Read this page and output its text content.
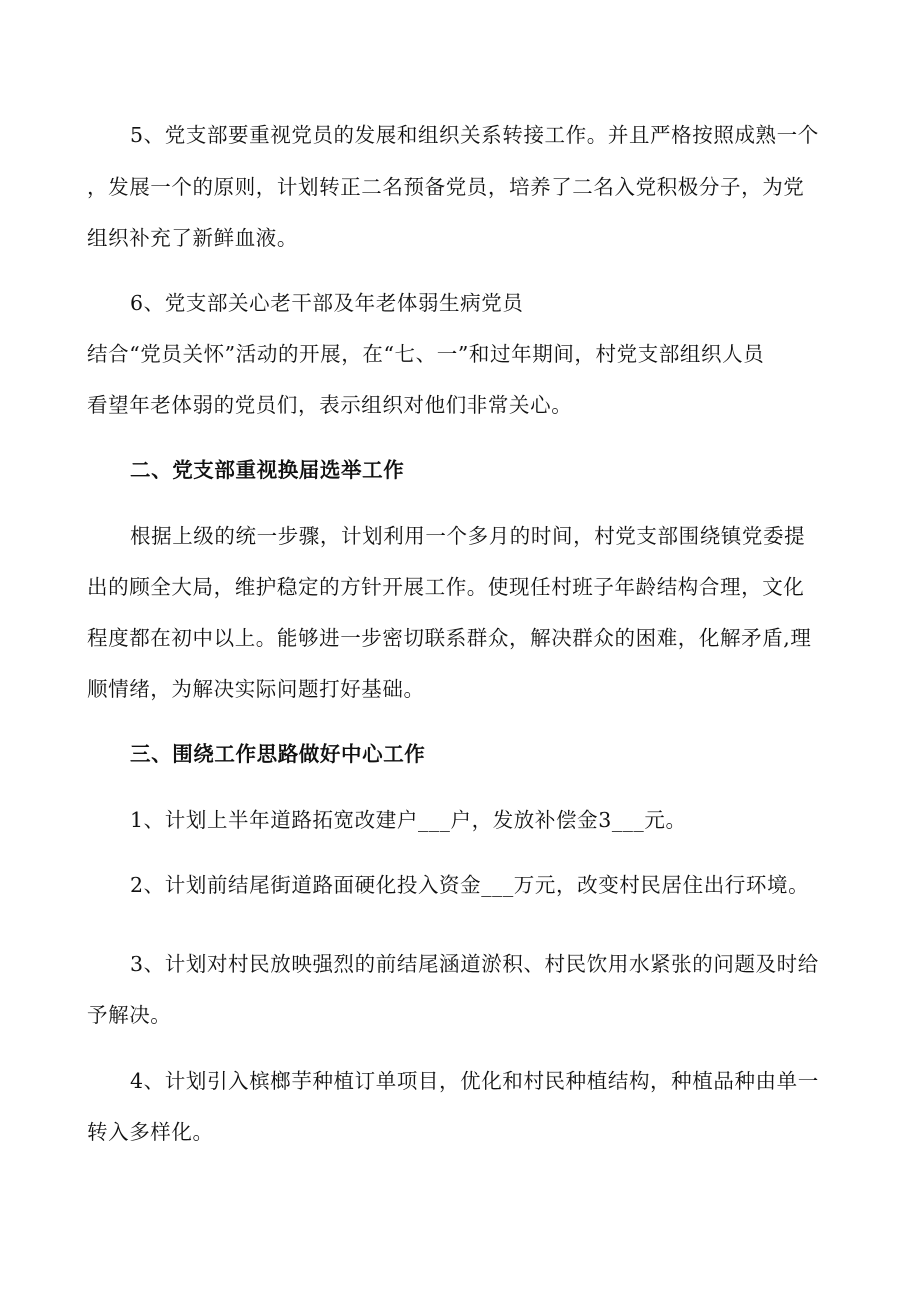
5、党支部要重视党员的发展和组织关系转接工作。并且严格按照成熟一个
，发展一个的原则，计划转正二名预备党员，培养了二名入党积极分子，为党
组织补充了新鲜血液。
6、党支部关心老干部及年老体弱生病党员
结合“党员关怀”活动的开展，在“七、一”和过年期间，村党支部组织人员
看望年老体弱的党员们，表示组织对他们非常关心。
二、党支部重视换届选举工作
根据上级的统一步骤，计划利用一个多月的时间，村党支部围绕镇党委提
出的顾全大局，维护稳定的方针开展工作。使现任村班子年龄结构合理，文化
程度都在初中以上。能够进一步密切联系群众，解决群众的困难，化解矛盾,理
顺情绪，为解决实际问题打好基础。
三、围绕工作思路做好中心工作
1、计划上半年道路拓宽改建户___户，发放补偿金3___元。
2、计划前结尾街道路面硬化投入资金___万元，改变村民居住出行环境。
3、计划对村民放映强烈的前结尾涵道淤积、村民饮用水紧张的问题及时给
予解决。
4、计划引入槟榔芋种植订单项目，优化和村民种植结构，种植品种由单一
转入多样化。
